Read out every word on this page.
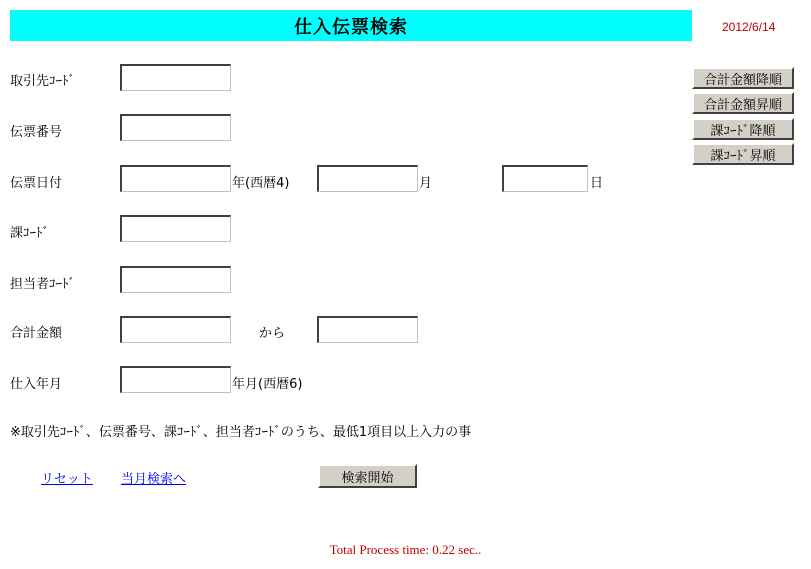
仕入伝票検索	2012/6/14
取引先ｺｰﾄﾞ
伝票番号
伝票日付	年(西暦4)	月	日
課ｺｰﾄﾞ
担当者ｺｰﾄﾞ
合計金額	から
仕入年月	年月(西暦6)
合計金額降順
合計金額昇順
課ｺｰﾄﾞ降順
課ｺｰﾄﾞ昇順
※取引先ｺｰﾄﾞ、伝票番号、課ｺｰﾄﾞ、担当者ｺｰﾄﾞのうち、最低1項目以上入力の事
リセット 当月検索へ	検索開始
Total Process time: 0.22 sec..
